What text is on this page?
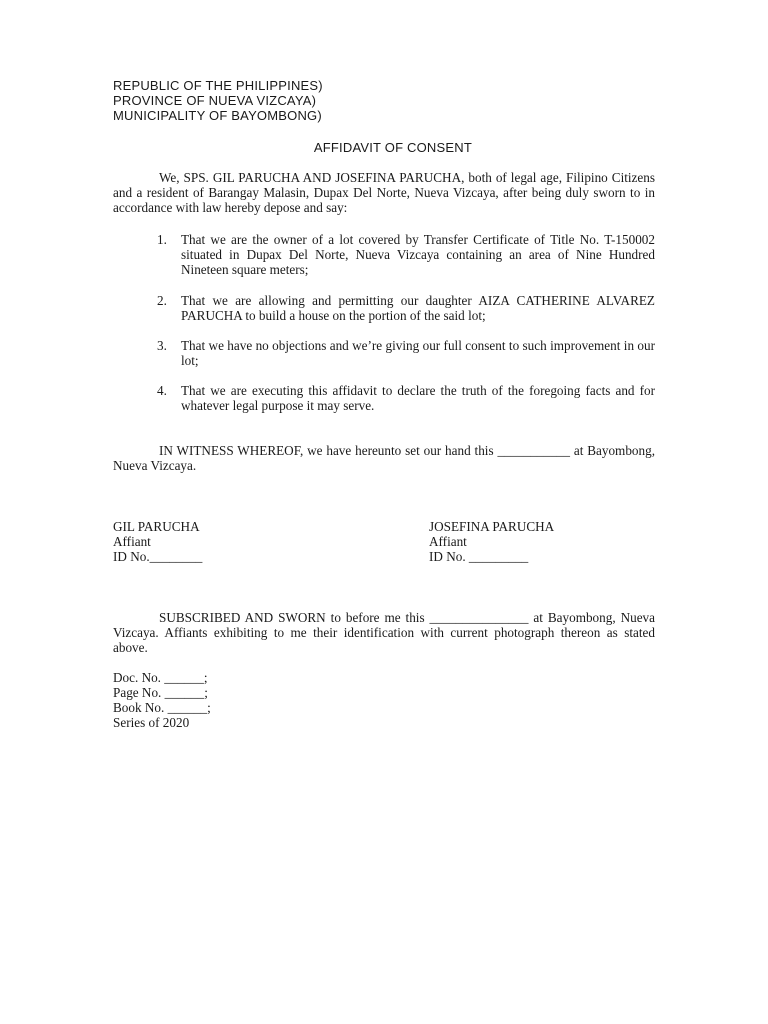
REPUBLIC OF THE PHILIPPINES)
PROVINCE OF NUEVA VIZCAYA)
MUNICIPALITY OF BAYOMBONG)
AFFIDAVIT OF CONSENT
We, SPS. GIL PARUCHA AND JOSEFINA PARUCHA, both of legal age, Filipino Citizens and a resident of Barangay Malasin, Dupax Del Norte, Nueva Vizcaya, after being duly sworn to in accordance with law hereby depose and say:
1. That we are the owner of a lot covered by Transfer Certificate of Title No. T-150002 situated in Dupax Del Norte, Nueva Vizcaya containing an area of Nine Hundred Nineteen square meters;
2. That we are allowing and permitting our daughter AIZA CATHERINE ALVAREZ PARUCHA to build a house on the portion of the said lot;
3. That we have no objections and we’re giving our full consent to such improvement in our lot;
4. That we are executing this affidavit to declare the truth of the foregoing facts and for whatever legal purpose it may serve.
IN WITNESS WHEREOF, we have hereunto set our hand this ___________ at Bayombong, Nueva Vizcaya.
GIL PARUCHA
Affiant
ID No.________
JOSEFINA PARUCHA
Affiant
ID No. _________
SUBSCRIBED AND SWORN to before me this _______________ at Bayombong, Nueva Vizcaya. Affiants exhibiting to me their identification with current photograph thereon as stated above.
Doc. No. ______;
Page No. ______;
Book No. ______;
Series of 2020
